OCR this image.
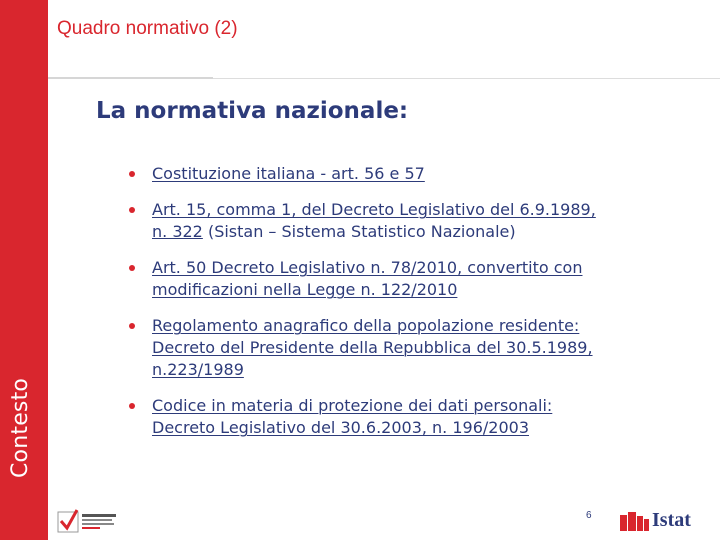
Contesto
Quadro normativo (2)
La normativa nazionale:
Costituzione italiana - art. 56 e 57
Art. 15, comma 1, del Decreto Legislativo del 6.9.1989,
n. 322 (Sistan – Sistema Statistico Nazionale)
Art. 50 Decreto Legislativo n. 78/2010, convertito con
modificazioni nella Legge n. 122/2010
Regolamento anagrafico della popolazione residente:
Decreto del Presidente della Repubblica del 30.5.1989,
n.223/1989
Codice in materia di protezione dei dati personali:
Decreto Legislativo del 30.6.2003, n. 196/2003
6	Istat
